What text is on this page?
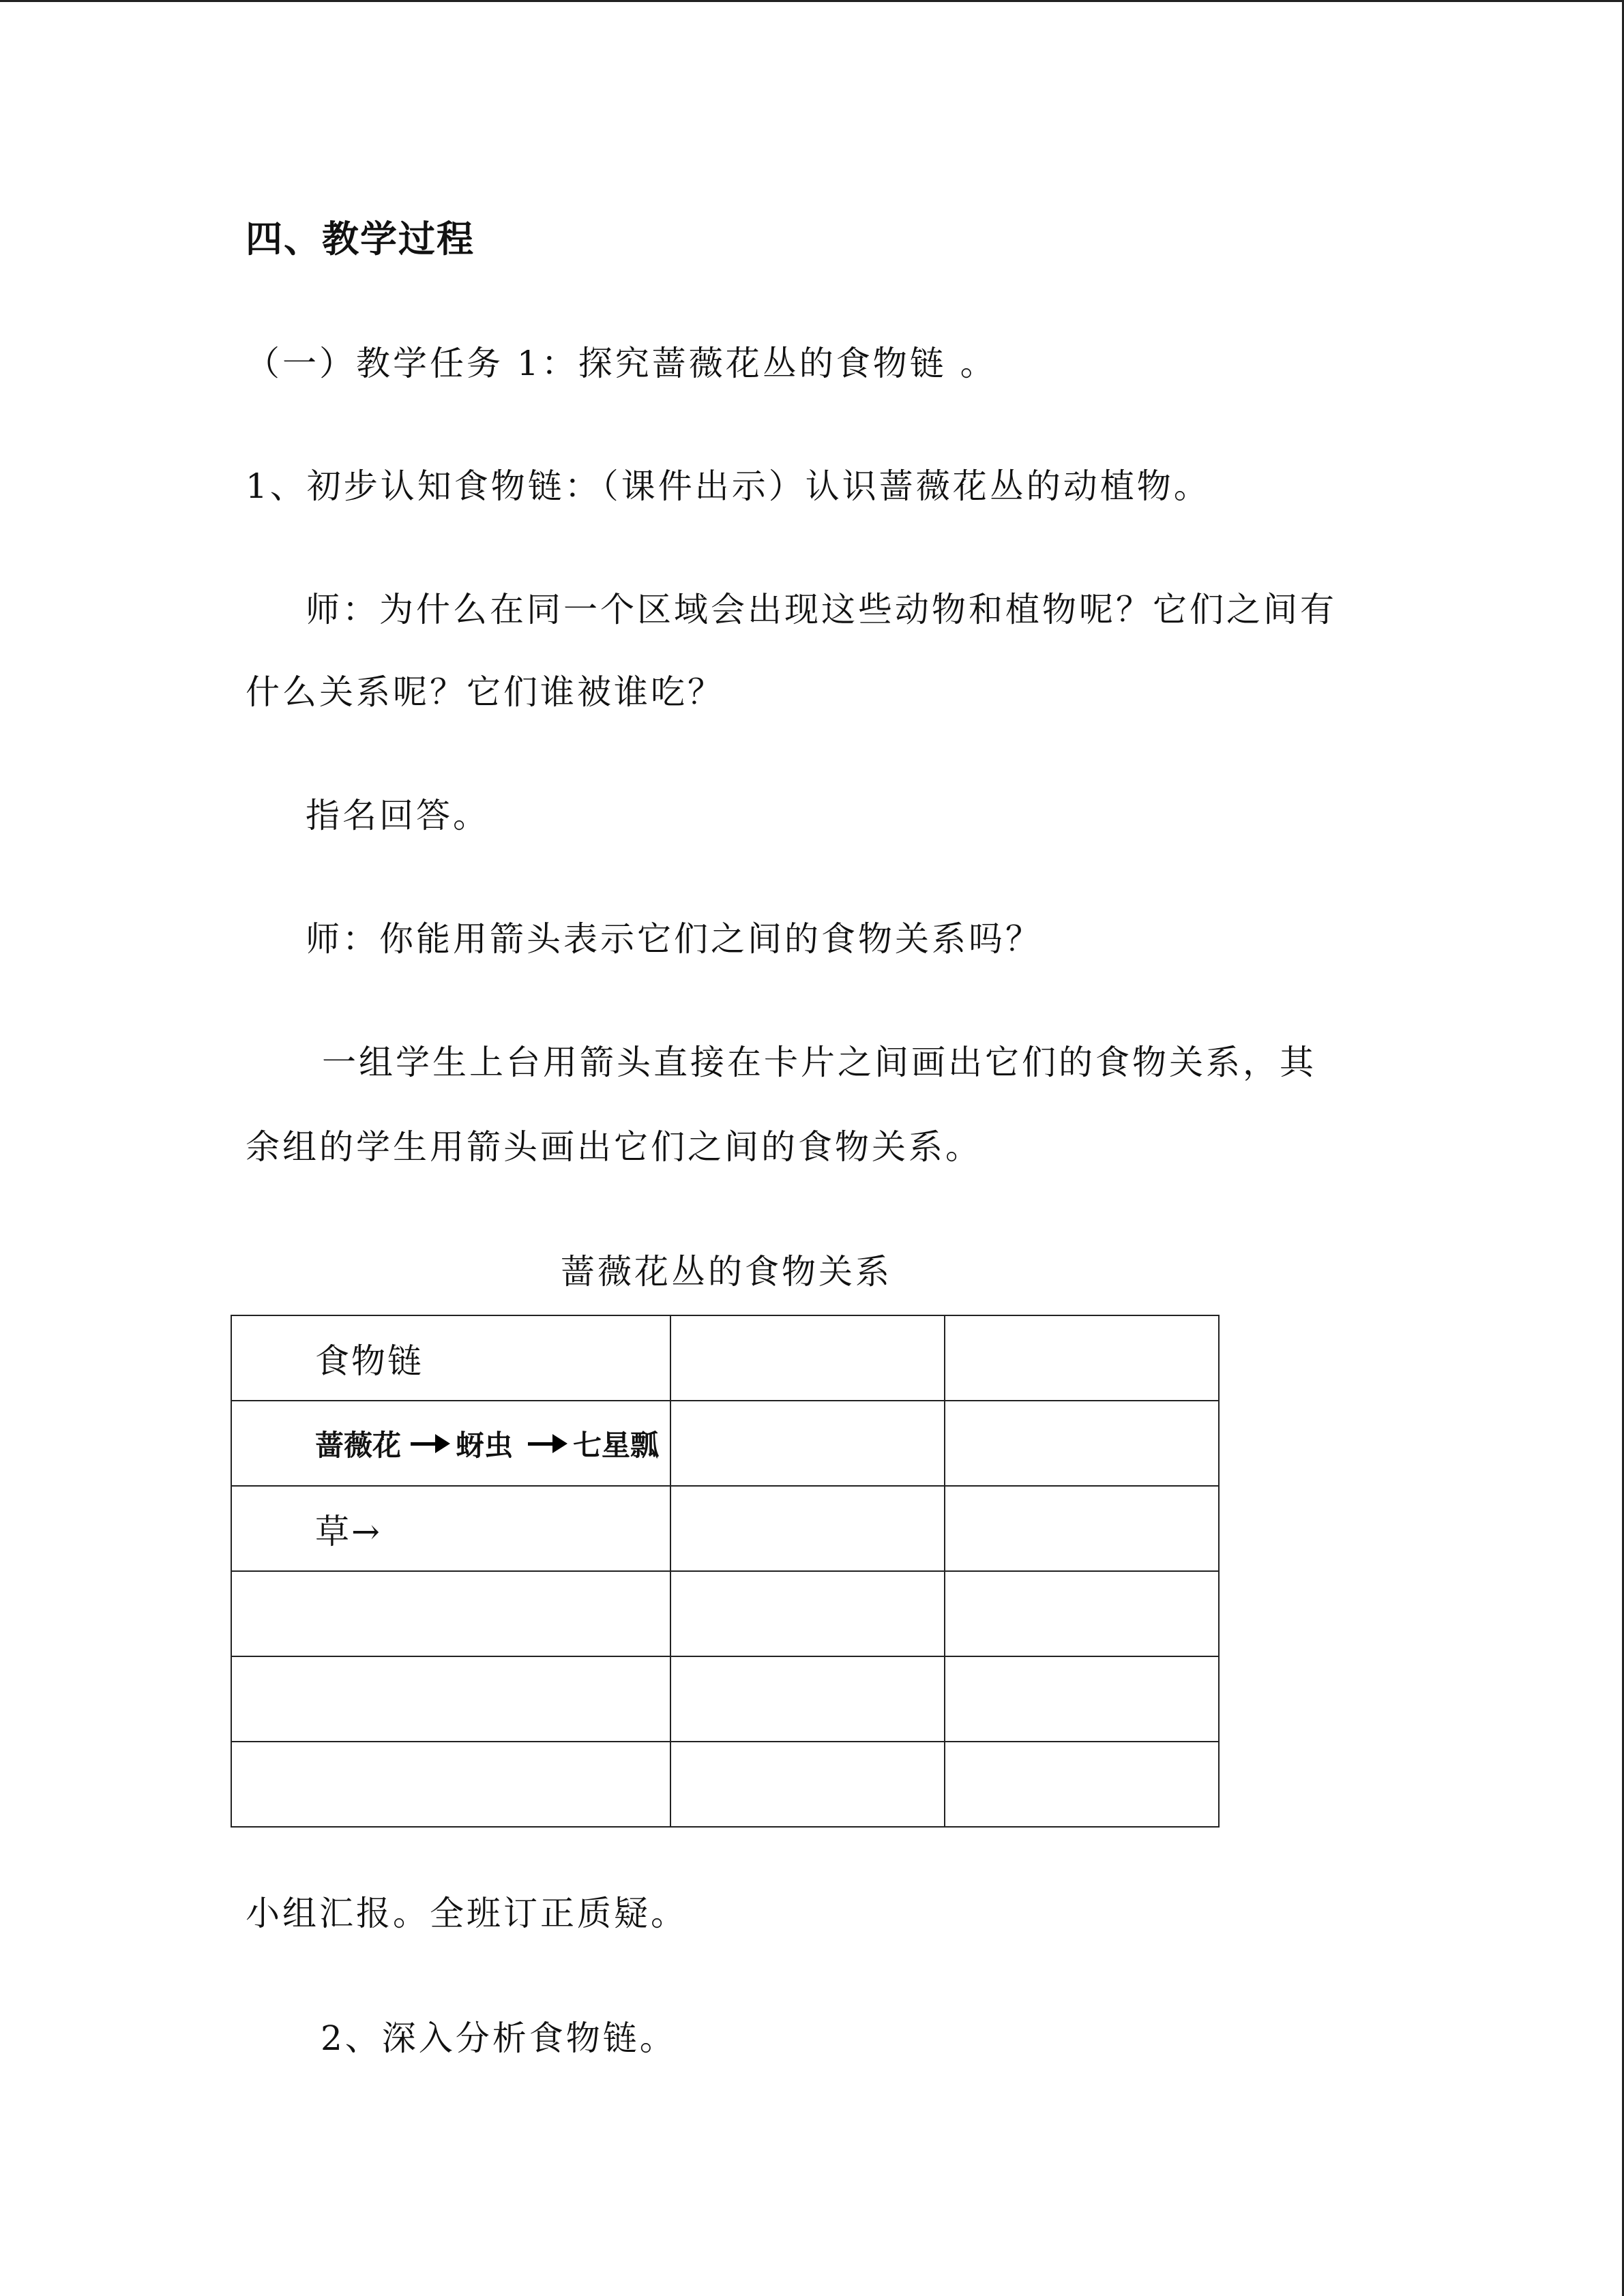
四、教学过程
（一）教学任务 1：探究蔷薇花丛的食物链 。
1、初步认知食物链：（课件出示）认识蔷薇花丛的动植物。
师：为什么在同一个区域会出现这些动物和植物呢？它们之间有
什么关系呢？它们谁被谁吃？
指名回答。
师：你能用箭头表示它们之间的食物关系吗？
一组学生上台用箭头直接在卡片之间画出它们的食物关系，其
余组的学生用箭头画出它们之间的食物关系。
蔷薇花丛的食物关系
食物链		

蔷薇花 蚜虫 七星瓢		

草→		

小组汇报。全班订正质疑。
2、深入分析食物链。
